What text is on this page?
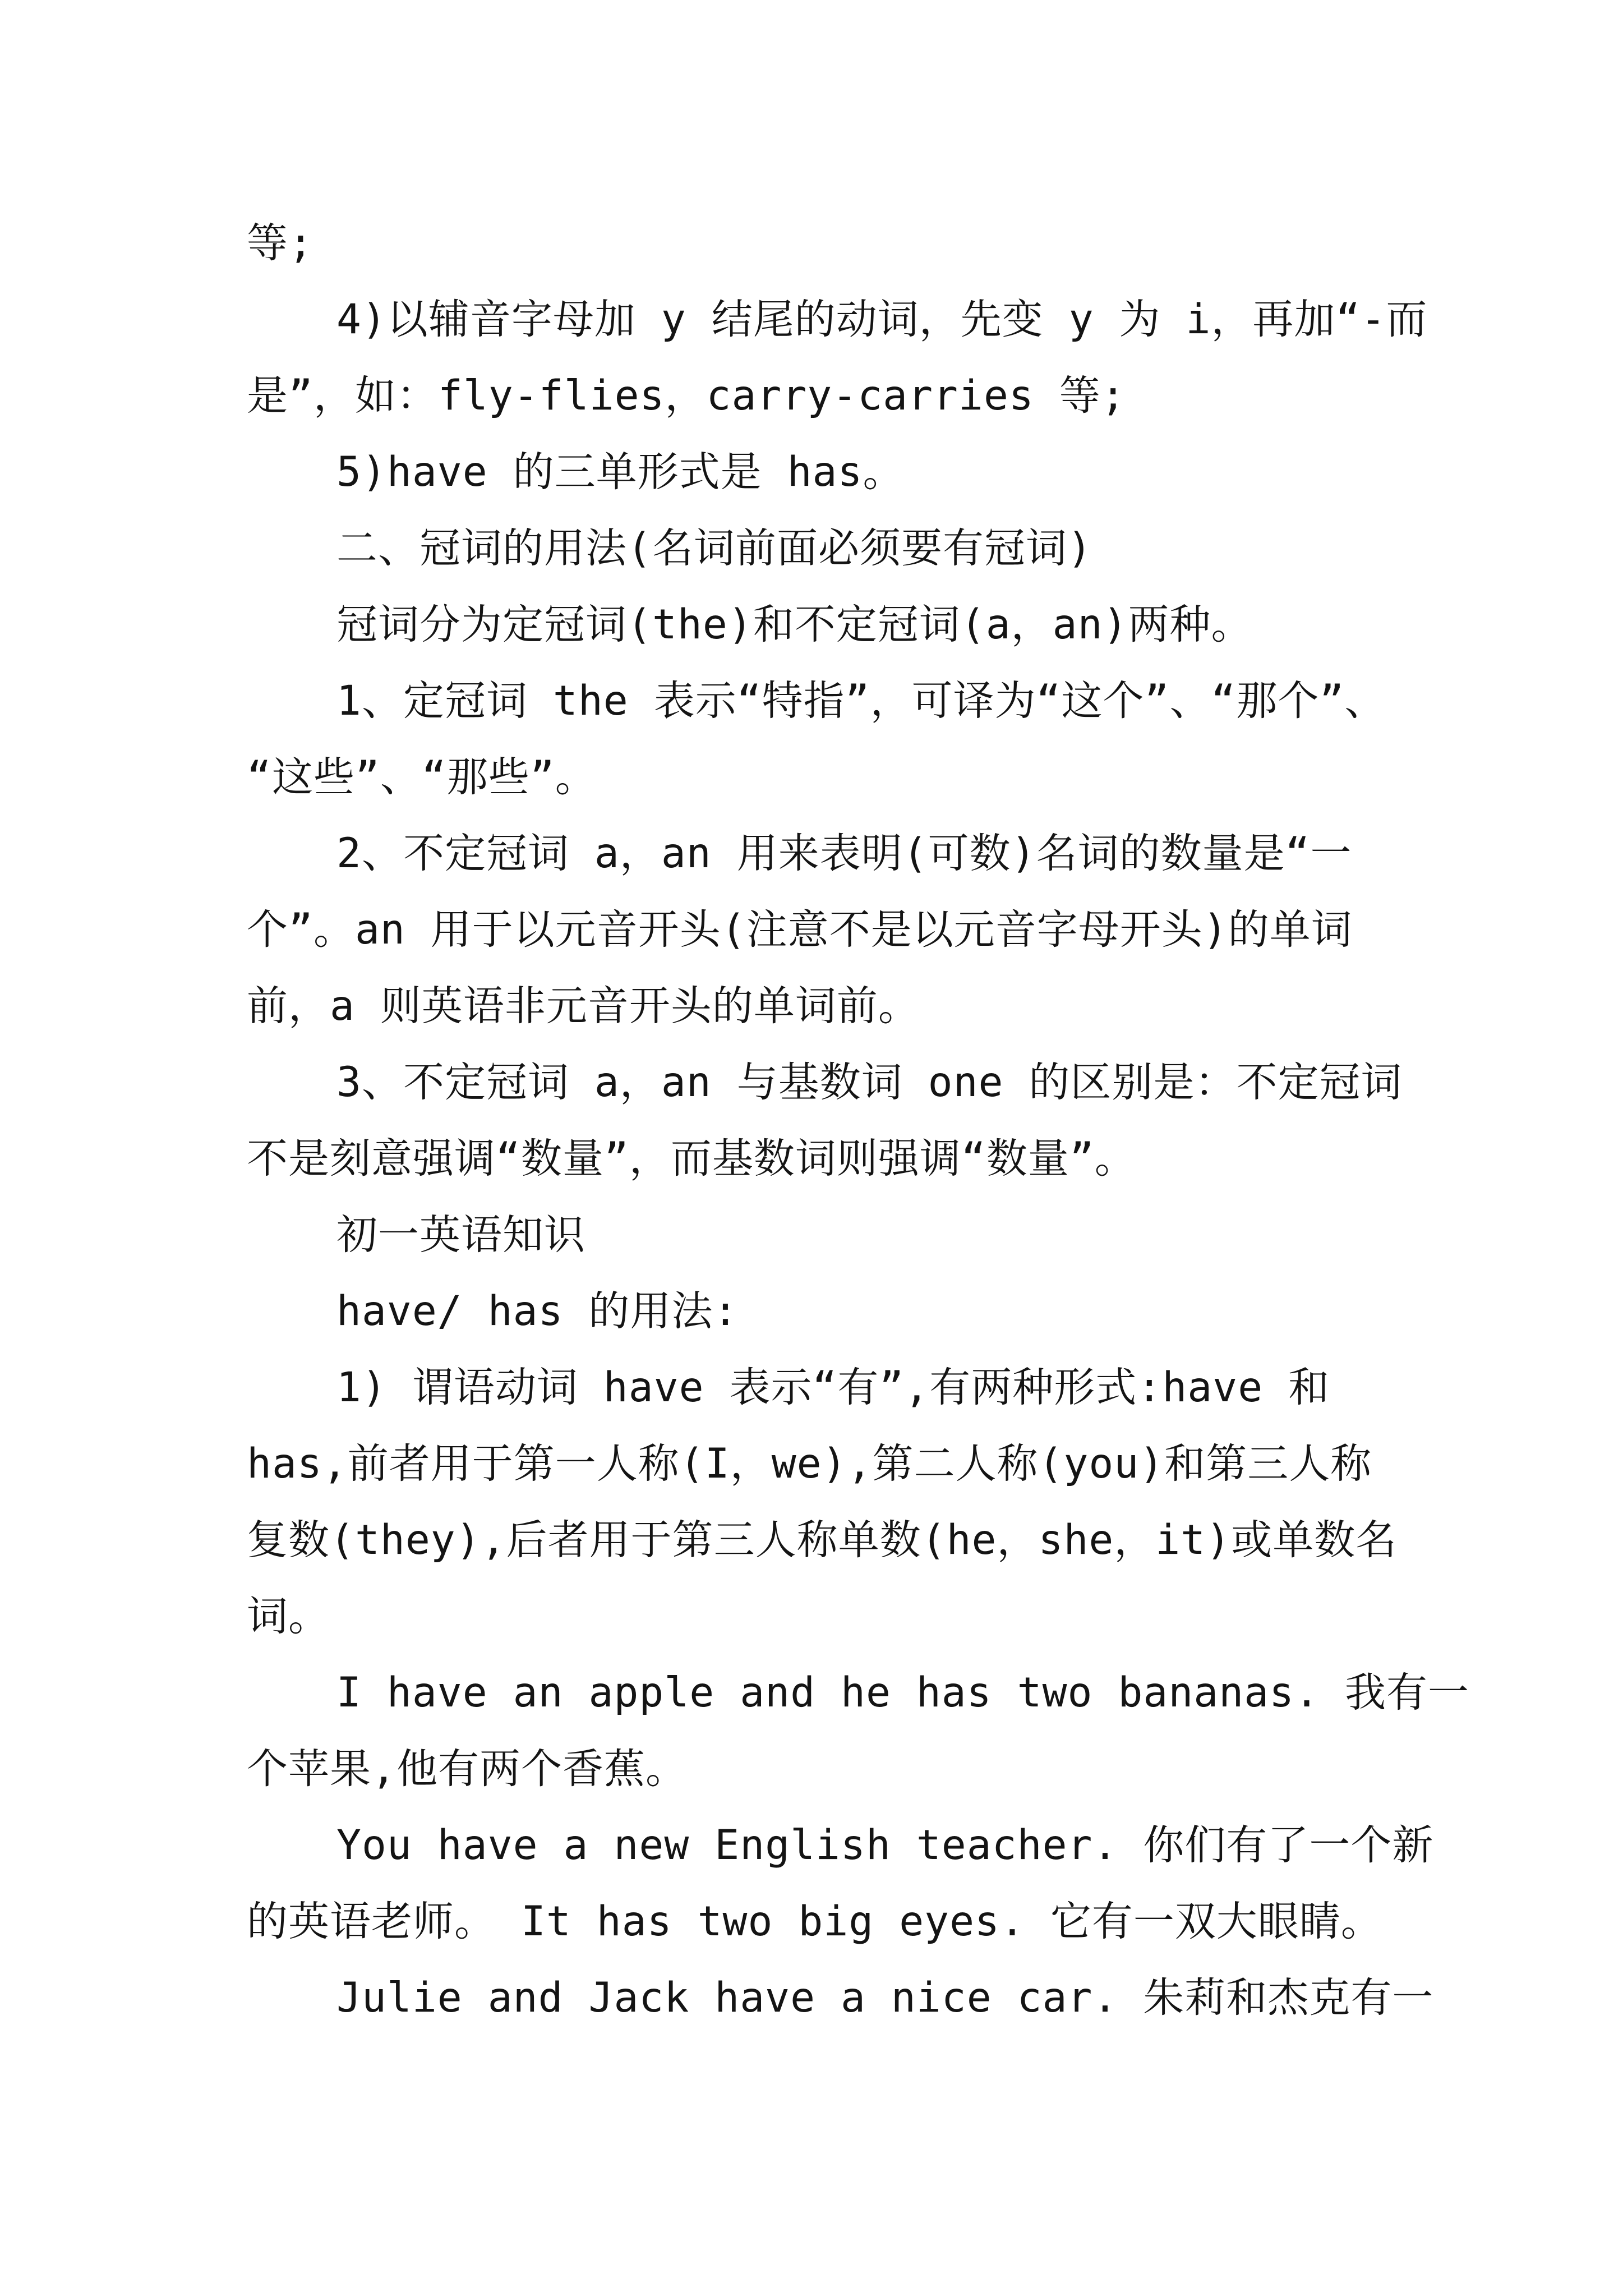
等;
4)以辅音字母加 y 结尾的动词，先变 y 为 i，再加“-而
是”，如：fly-flies，carry-carries 等;
5)have 的三单形式是 has。
二、冠词的用法(名词前面必须要有冠词)
冠词分为定冠词(the)和不定冠词(a，an)两种。
1、定冠词 the 表示“特指”，可译为“这个”、“那个”、
“这些”、“那些”。
2、不定冠词 a，an 用来表明(可数)名词的数量是“一
个”。an 用于以元音开头(注意不是以元音字母开头)的单词
前，a 则英语非元音开头的单词前。
3、不定冠词 a，an 与基数词 one 的区别是：不定冠词
不是刻意强调“数量”，而基数词则强调“数量”。
初一英语知识
have/ has 的用法:
1) 谓语动词 have 表示“有”,有两种形式:have 和
has,前者用于第一人称(I，we),第二人称(you)和第三人称
复数(they),后者用于第三人称单数(he，she，it)或单数名
词。
I have an apple and he has two bananas. 我有一
个苹果,他有两个香蕉。
You have a new English teacher. 你们有了一个新
的英语老师。 It has two big eyes. 它有一双大眼睛。
Julie and Jack have a nice car. 朱莉和杰克有一
